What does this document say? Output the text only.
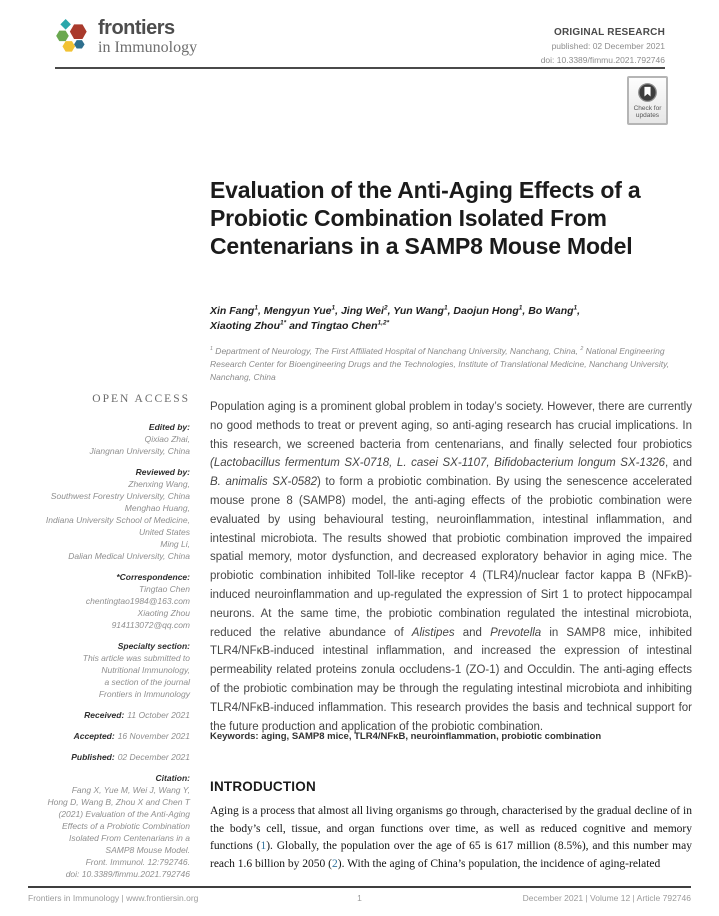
frontiers
in Immunology
ORIGINAL RESEARCH
published: 02 December 2021
doi: 10.3389/fimmu.2021.792746
Check for
updates
Evaluation of the Anti-Aging Effects of a Probiotic Combination Isolated From Centenarians in a SAMP8 Mouse Model
Xin Fang$^1$, Mengyun Yue$^1$, Jing Wei$^2$, Yun Wang$^1$, Daojun Hong$^1$, Bo Wang$^1$, Xiaoting Zhou$^{1*}$ and Tingtao Chen$^{1,2*}$
$^1$ Department of Neurology, The First Affiliated Hospital of Nanchang University, Nanchang, China, $^2$ National Engineering Research Center for Bioengineering Drugs and the Technologies, Institute of Translational Medicine, Nanchang University, Nanchang, China
OPEN ACCESS
Edited by:
Qixiao Zhai,
Jiangnan University, China
Reviewed by:
Zhenxing Wang,
Southwest Forestry University, China
Menghao Huang,
Indiana University School of Medicine,
United States
Ming Li,
Dalian Medical University, China
*Correspondence:
Tingtao Chen
chentingtao1984@163.com
Xiaoting Zhou
914113072@qq.com
Specialty section:
This article was submitted to
Nutritional Immunology,
a section of the journal
Frontiers in Immunology
Received: 11 October 2021
Accepted: 16 November 2021
Published: 02 December 2021
Citation:
Fang X, Yue M, Wei J, Wang Y,
Hong D, Wang B, Zhou X and Chen T
(2021) Evaluation of the Anti-Aging
Effects of a Probiotic Combination
Isolated From Centenarians in a
SAMP8 Mouse Model.
Front. Immunol. 12:792746.
doi: 10.3389/fimmu.2021.792746
Population aging is a prominent global problem in today’s society. However, there are currently no good methods to treat or prevent aging, so anti-aging research has crucial implications. In this research, we screened bacteria from centenarians, and finally selected four probiotics (Lactobacillus fermentum SX-0718, L. casei SX-1107, Bifidobacterium longum SX-1326, and B. animalis SX-0582) to form a probiotic combination. By using the senescence accelerated mouse prone 8 (SAMP8) model, the anti-aging effects of the probiotic combination were evaluated by using behavioural testing, neuroinflammation, intestinal inflammation, and intestinal microbiota. The results showed that probiotic combination improved the impaired spatial memory, motor dysfunction, and decreased exploratory behavior in aging mice. The probiotic combination inhibited Toll-like receptor 4 (TLR4)/nuclear factor kappa B (NFκB)-induced neuroinflammation and up-regulated the expression of Sirt 1 to protect hippocampal neurons. At the same time, the probiotic combination regulated the intestinal microbiota, reduced the relative abundance of Alistipes and Prevotella in SAMP8 mice, inhibited TLR4/NFκB-induced intestinal inflammation, and increased the expression of intestinal permeability related proteins zonula occludens-1 (ZO-1) and Occuldin. The anti-aging effects of the probiotic combination may be through the regulating intestinal microbiota and inhibiting TLR4/NFκB-induced inflammation. This research provides the basis and technical support for the future production and application of the probiotic combination.
Keywords: aging, SAMP8 mice, TLR4/NFκB, neuroinflammation, probiotic combination
INTRODUCTION
Aging is a process that almost all living organisms go through, characterised by the gradual decline of in the body’s cell, tissue, and organ functions over time, as well as reduced cognitive and memory functions (1). Globally, the population over the age of 65 is 617 million (8.5%), and this number may reach 1.6 billion by 2050 (2). With the aging of China’s population, the incidence of aging-related
Frontiers in Immunology | www.frontiersin.org	1	December 2021 | Volume 12 | Article 792746
